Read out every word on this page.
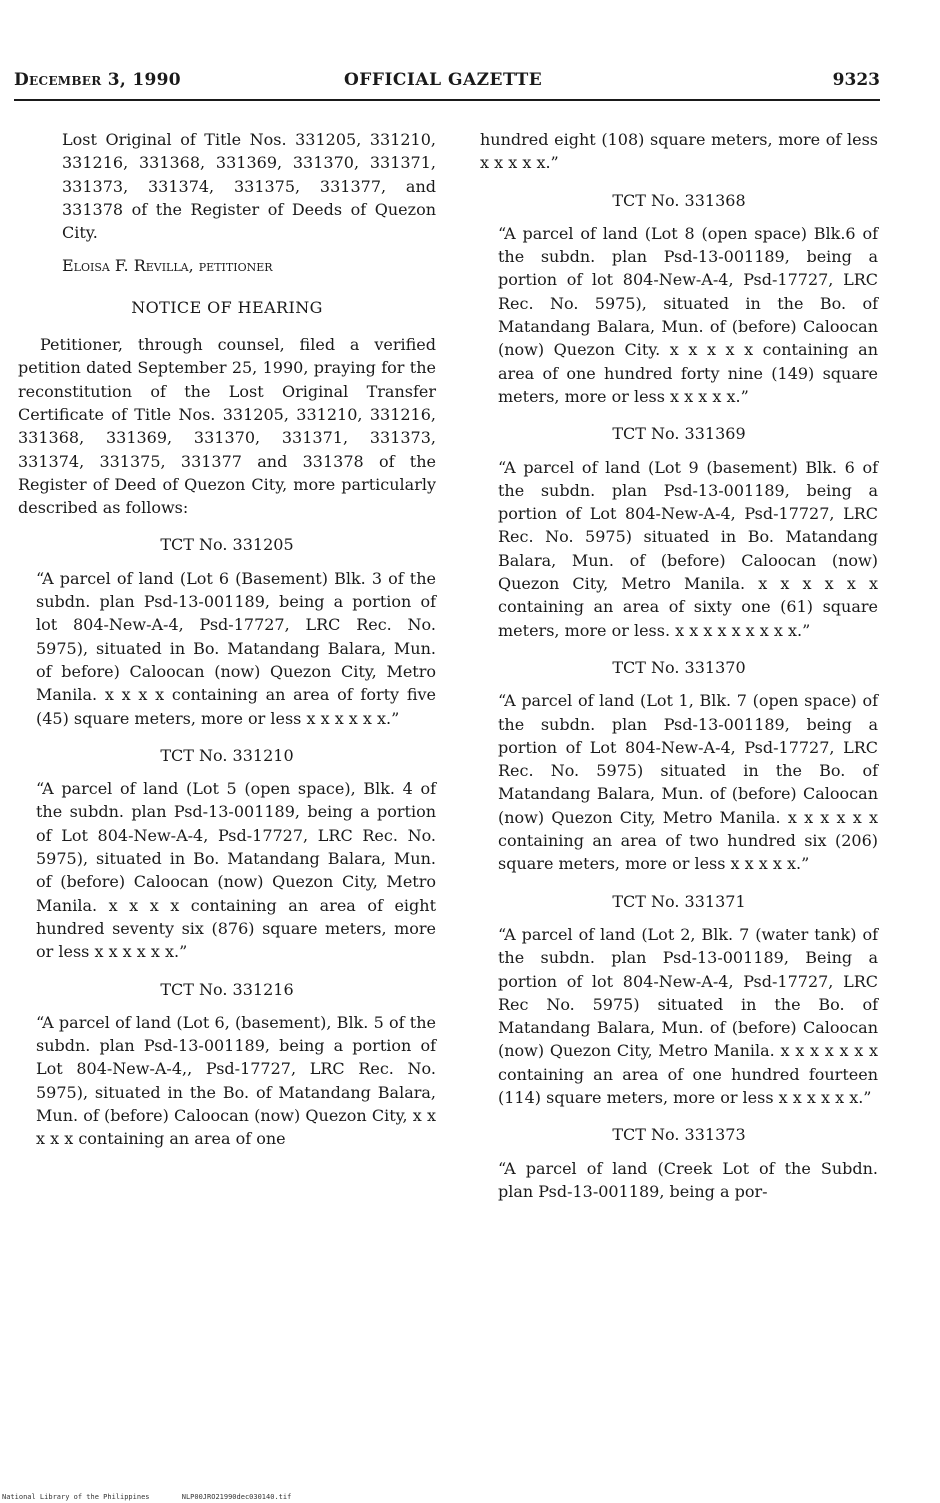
December 3, 1990	OFFICIAL GAZETTE	9323

Lost Original of Title Nos. 331205, 331210, 331216, 331368, 331369, 331370, 331371, 331373, 331374, 331375, 331377, and 331378 of the Register of Deeds of Quezon City.

Eloisa F. Revilla, petitioner

NOTICE OF HEARING

Petitioner, through counsel, filed a verified petition dated September 25, 1990, praying for the reconstitution of the Lost Original Transfer Certificate of Title Nos. 331205, 331210, 331216, 331368, 331369, 331370, 331371, 331373, 331374, 331375, 331377 and 331378 of the Register of Deed of Quezon City, more particularly described as follows:

TCT No. 331205

“A parcel of land (Lot 6 (Basement) Blk. 3 of the subdn. plan Psd-13-001189, being a portion of lot 804-New-A-4, Psd-17727, LRC Rec. No. 5975), situated in Bo. Matandang Balara, Mun. of before) Caloocan (now) Quezon City, Metro Manila. x x x x containing an area of forty five (45) square meters, more or less x x x x x x.”

TCT No. 331210

“A parcel of land (Lot 5 (open space), Blk. 4 of the subdn. plan Psd-13-001189, being a portion of Lot 804-New-A-4, Psd-17727, LRC Rec. No. 5975), situated in Bo. Matandang Balara, Mun. of (before) Caloocan (now) Quezon City, Metro Manila. x x x x containing an area of eight hundred seventy six (876) square meters, more or less x x x x x x.”

TCT No. 331216

“A parcel of land (Lot 6, (basement), Blk. 5 of the subdn. plan Psd-13-001189, being a portion of Lot 804-New-A-4,, Psd-17727, LRC Rec. No. 5975), situated in the Bo. of Matandang Balara, Mun. of (before) Caloocan (now) Quezon City, x x x x x containing an area of one

hundred eight (108) square meters, more of less x x x x x.”

TCT No. 331368

“A parcel of land (Lot 8 (open space) Blk.6 of the subdn. plan Psd-13-001189, being a portion of lot 804-New-A-4, Psd-17727, LRC Rec. No. 5975), situated in the Bo. of Matandang Balara, Mun. of (before) Caloocan (now) Quezon City. x x x x x containing an area of one hundred forty nine (149) square meters, more or less x x x x x.”

TCT No. 331369

“A parcel of land (Lot 9 (basement) Blk. 6 of the subdn. plan Psd-13-001189, being a portion of Lot 804-New-A-4, Psd-17727, LRC Rec. No. 5975) situated in Bo. Matandang Balara, Mun. of (before) Caloocan (now) Quezon City, Metro Manila. x x x x x x containing an area of sixty one (61) square meters, more or less. x x x x x x x x x.”

TCT No. 331370

“A parcel of land (Lot 1, Blk. 7 (open space) of the subdn. plan Psd-13-001189, being a portion of Lot 804-New-A-4, Psd-17727, LRC Rec. No. 5975) situated in the Bo. of Matandang Balara, Mun. of (before) Caloocan (now) Quezon City, Metro Manila. x x x x x x containing an area of two hundred six (206) square meters, more or less x x x x x.”

TCT No. 331371

“A parcel of land (Lot 2, Blk. 7 (water tank) of the subdn. plan Psd-13-001189, Being a portion of lot 804-New-A-4, Psd-17727, LRC Rec No. 5975) situated in the Bo. of Matandang Balara, Mun. of (before) Caloocan (now) Quezon City, Metro Manila. x x x x x x x containing an area of one hundred fourteen (114) square meters, more or less x x x x x x.”

TCT No. 331373

“A parcel of land (Creek Lot of the Subdn. plan Psd-13-001189, being a por-

National Library of the Philippines	NLP00JRO21990dec030140.tif
